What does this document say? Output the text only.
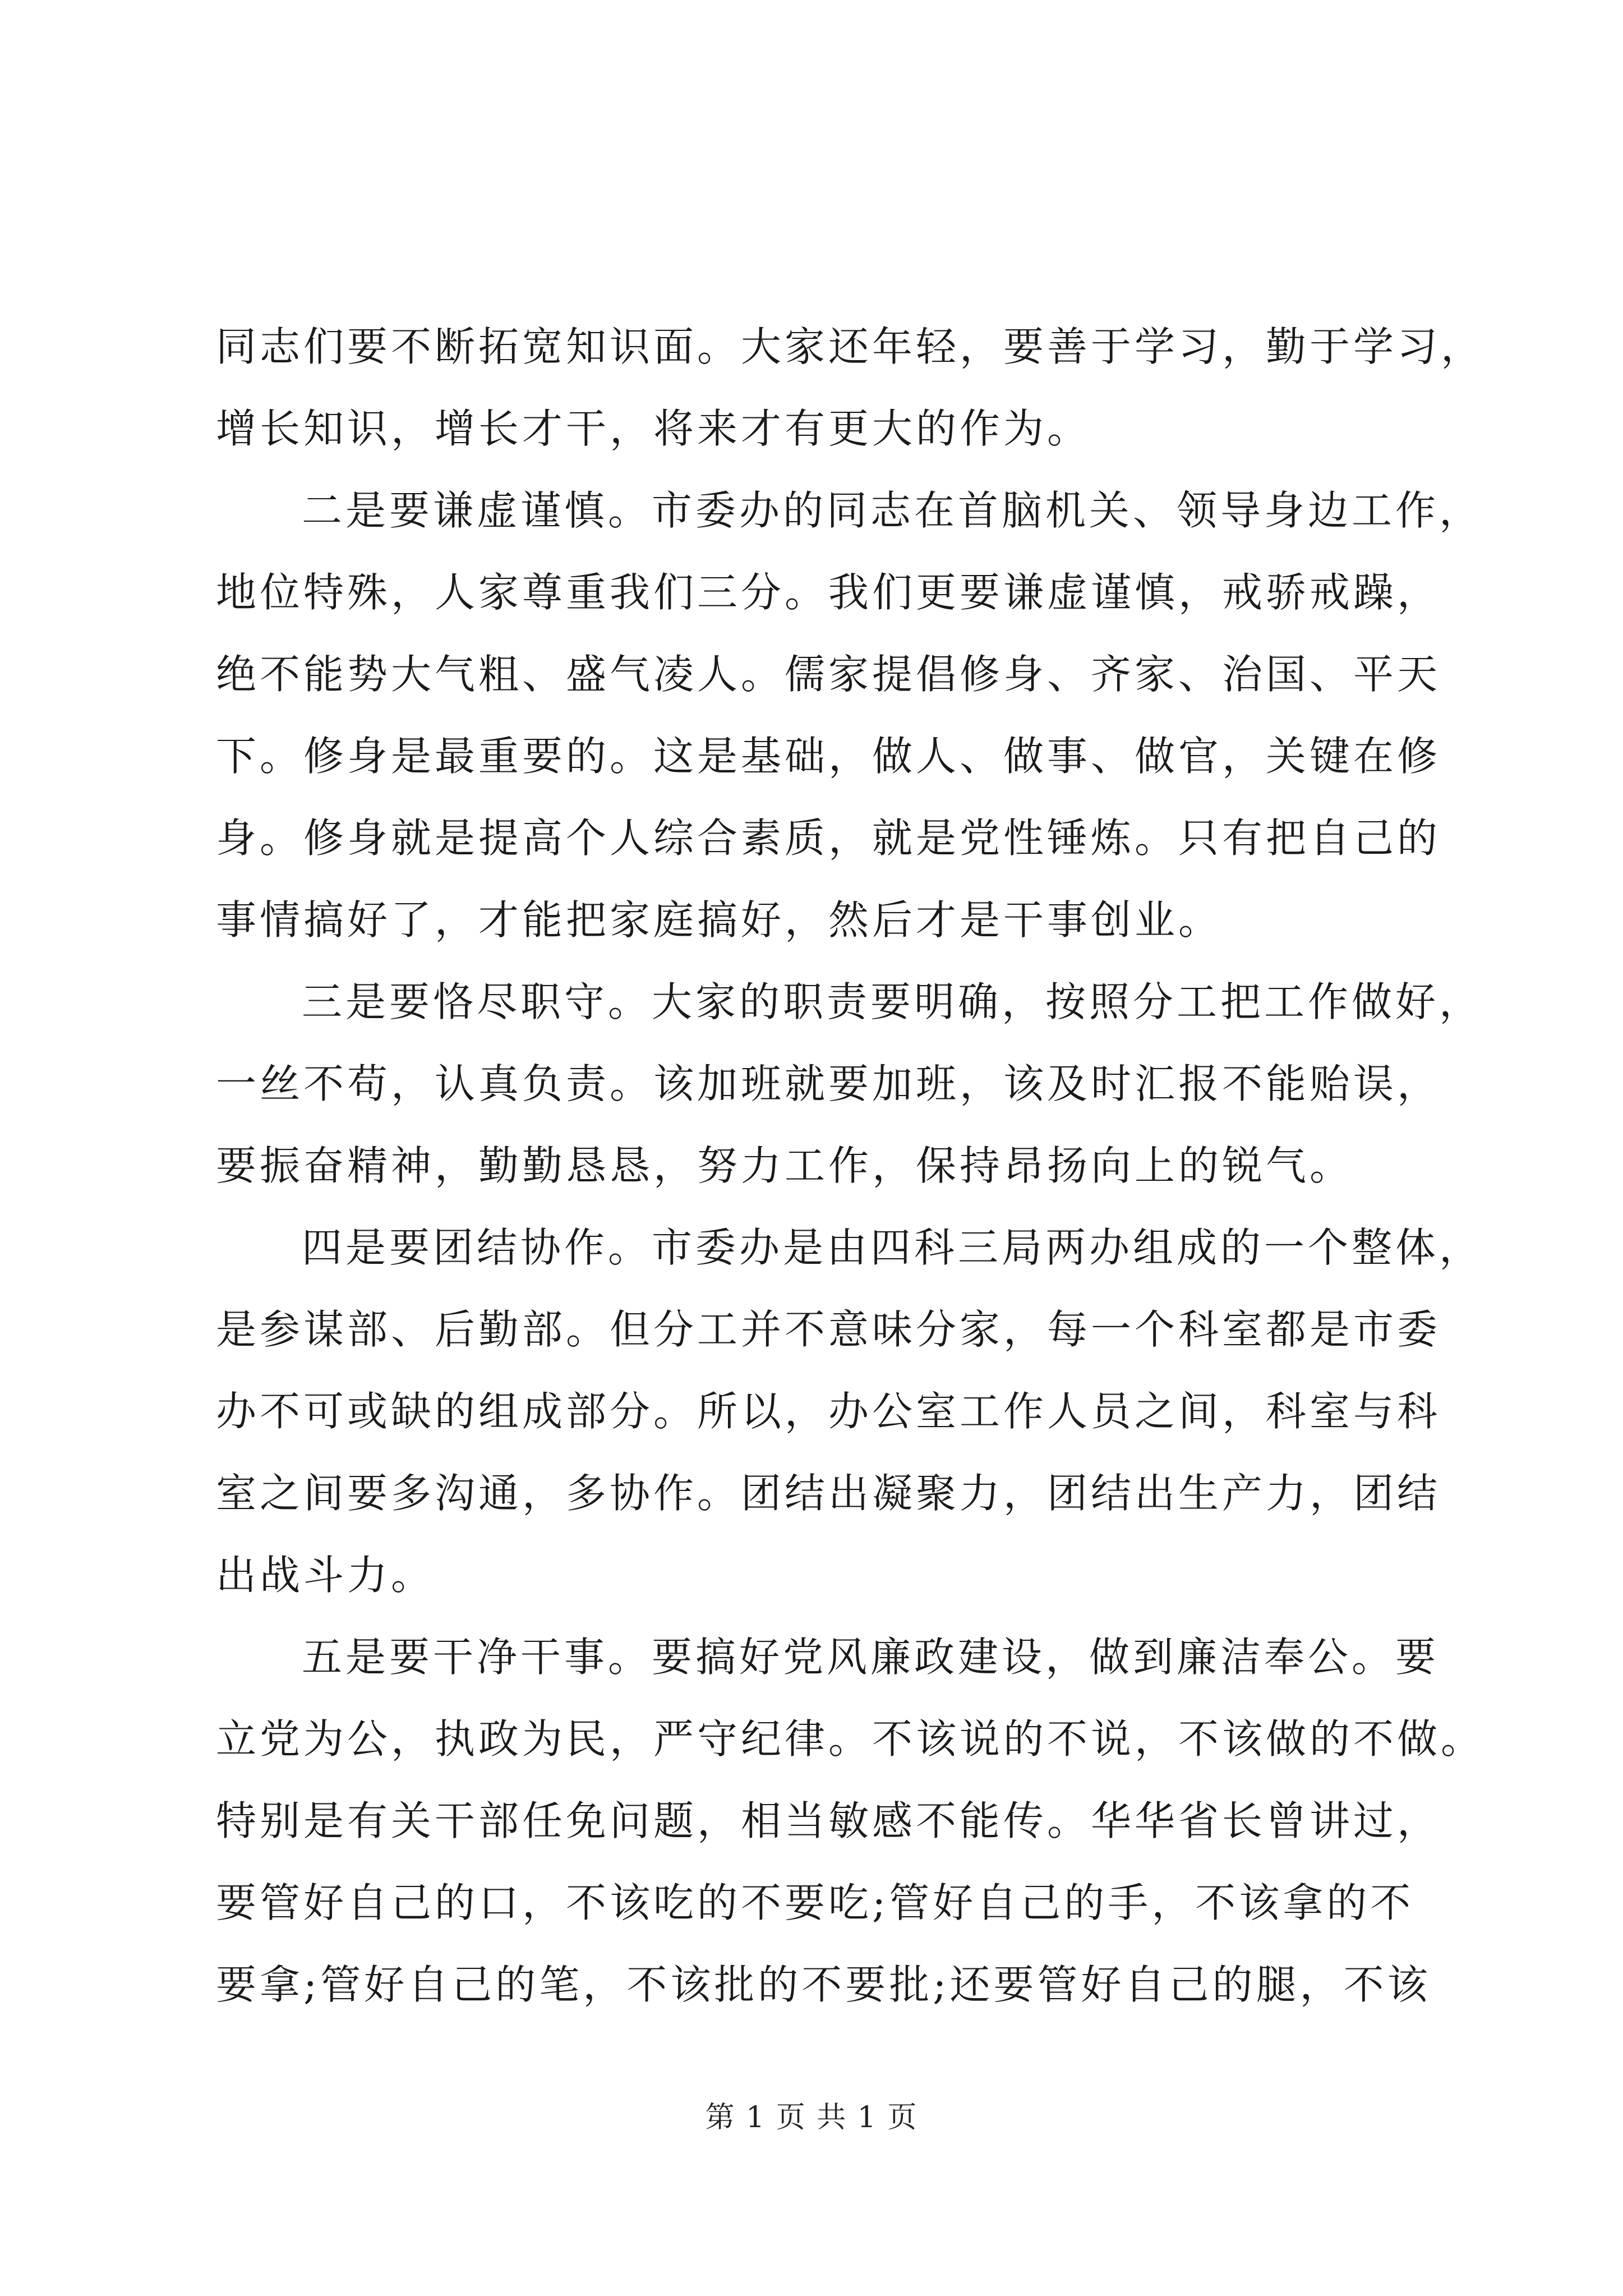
同志们要不断拓宽知识面。大家还年轻，要善于学习，勤于学习，
增长知识，增长才干，将来才有更大的作为。
二是要谦虚谨慎。市委办的同志在首脑机关、领导身边工作，
地位特殊，人家尊重我们三分。我们更要谦虚谨慎，戒骄戒躁，
绝不能势大气粗、盛气凌人。儒家提倡修身、齐家、治国、平天
下。修身是最重要的。这是基础，做人、做事、做官，关键在修
身。修身就是提高个人综合素质，就是党性锤炼。只有把自己的
事情搞好了，才能把家庭搞好，然后才是干事创业。
三是要恪尽职守。大家的职责要明确，按照分工把工作做好，
一丝不苟，认真负责。该加班就要加班，该及时汇报不能贻误，
要振奋精神，勤勤恳恳，努力工作，保持昂扬向上的锐气。
四是要团结协作。市委办是由四科三局两办组成的一个整体，
是参谋部、后勤部。但分工并不意味分家，每一个科室都是市委
办不可或缺的组成部分。所以，办公室工作人员之间，科室与科
室之间要多沟通，多协作。团结出凝聚力，团结出生产力，团结
出战斗力。
五是要干净干事。要搞好党风廉政建设，做到廉洁奉公。要
立党为公，执政为民，严守纪律。不该说的不说，不该做的不做。
特别是有关干部任免问题，相当敏感不能传。华华省长曾讲过，
要管好自己的口，不该吃的不要吃;管好自己的手，不该拿的不
要拿;管好自己的笔，不该批的不要批;还要管好自己的腿，不该
第 1 页 共 1 页
